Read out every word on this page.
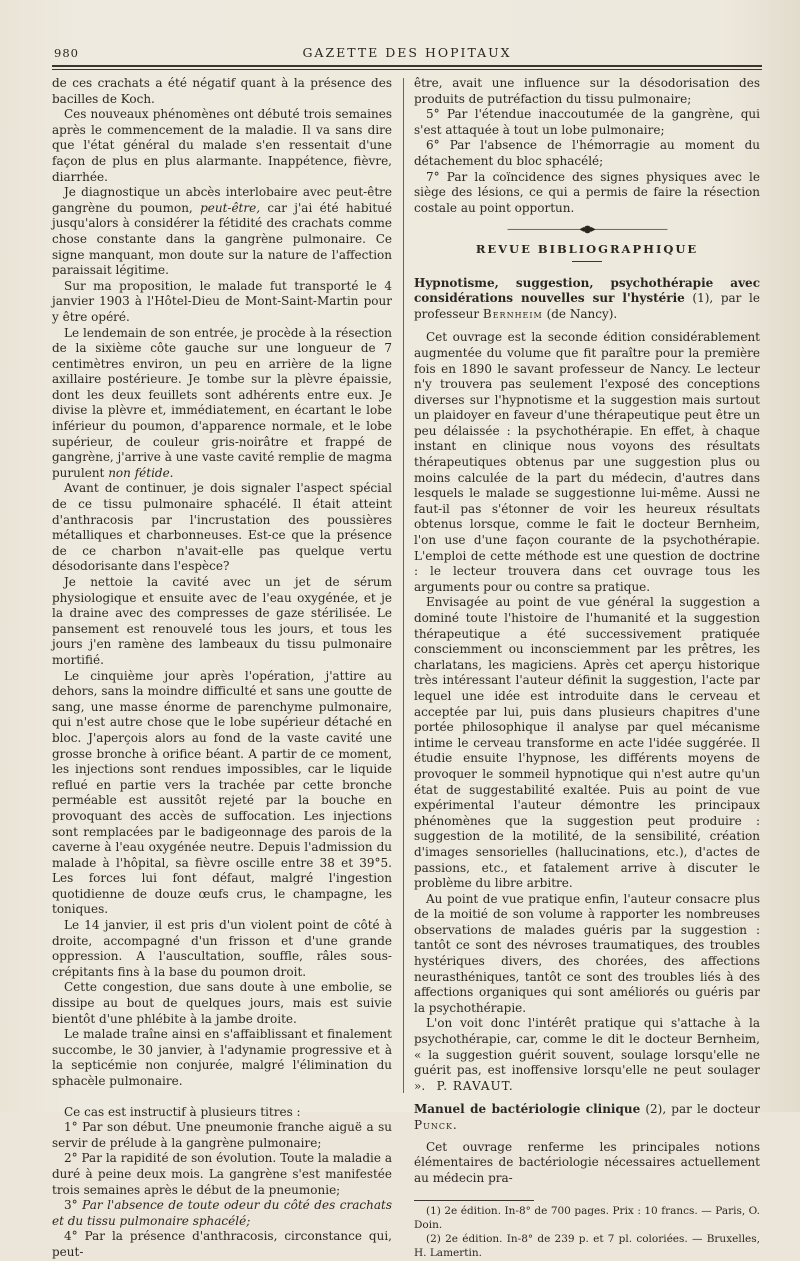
980	GAZETTE DES HOPITAUX

de ces crachats a été négatif quant à la présence des bacilles de Koch.

Ces nouveaux phénomènes ont débuté trois semaines après le commencement de la maladie. Il va sans dire que l'état général du malade s'en ressentait d'une façon de plus en plus alarmante. Inappétence, fièvre, diarrhée.

Je diagnostique un abcès interlobaire avec peut-être gangrène du poumon, peut-être, car j'ai été habitué jusqu'alors à considérer la fétidité des crachats comme chose constante dans la gangrène pulmonaire. Ce signe manquant, mon doute sur la nature de l'affection paraissait légitime.

Sur ma proposition, le malade fut transporté le 4 janvier 1903 à l'Hôtel-Dieu de Mont-Saint-Martin pour y être opéré.

Le lendemain de son entrée, je procède à la résection de la sixième côte gauche sur une longueur de 7 centimètres environ, un peu en arrière de la ligne axillaire postérieure. Je tombe sur la plèvre épaissie, dont les deux feuillets sont adhérents entre eux. Je divise la plèvre et, immédiatement, en écartant le lobe inférieur du poumon, d'apparence normale, et le lobe supérieur, de couleur gris-noirâtre et frappé de gangrène, j'arrive à une vaste cavité remplie de magma purulent non fétide.

Avant de continuer, je dois signaler l'aspect spécial de ce tissu pulmonaire sphacélé. Il était atteint d'anthracosis par l'incrustation des poussières métalliques et charbonneuses. Est-ce que la présence de ce charbon n'avait-elle pas quelque vertu désodorisante dans l'espèce?

Je nettoie la cavité avec un jet de sérum physiologique et ensuite avec de l'eau oxygénée, et je la draine avec des compresses de gaze stérilisée. Le pansement est renouvelé tous les jours, et tous les jours j'en ramène des lambeaux du tissu pulmonaire mortifié.

Le cinquième jour après l'opération, j'attire au dehors, sans la moindre difficulté et sans une goutte de sang, une masse énorme de parenchyme pulmonaire, qui n'est autre chose que le lobe supérieur détaché en bloc. J'aperçois alors au fond de la vaste cavité une grosse bronche à orifice béant. A partir de ce moment, les injections sont rendues impossibles, car le liquide reflué en partie vers la trachée par cette bronche perméable est aussitôt rejeté par la bouche en provoquant des accès de suffocation. Les injections sont remplacées par le badigeonnage des parois de la caverne à l'eau oxygénée neutre. Depuis l'admission du malade à l'hôpital, sa fièvre oscille entre 38 et 39°5. Les forces lui font défaut, malgré l'ingestion quotidienne de douze œufs crus, le champagne, les toniques.

Le 14 janvier, il est pris d'un violent point de côté à droite, accompagné d'un frisson et d'une grande oppression. A l'auscultation, souffle, râles sous-crépitants fins à la base du poumon droit.

Cette congestion, due sans doute à une embolie, se dissipe au bout de quelques jours, mais est suivie bientôt d'une phlébite à la jambe droite.

Le malade traîne ainsi en s'affaiblissant et finalement succombe, le 30 janvier, à l'adynamie progressive et à la septicémie non conjurée, malgré l'élimination du sphacèle pulmonaire.

Ce cas est instructif à plusieurs titres :

1° Par son début. Une pneumonie franche aiguë a su servir de prélude à la gangrène pulmonaire;

2° Par la rapidité de son évolution. Toute la maladie a duré à peine deux mois. La gangrène s'est manifestée trois semaines après le début de la pneumonie;

3° Par l'absence de toute odeur du côté des crachats et du tissu pulmonaire sphacélé;

4° Par la présence d'anthracosis, circonstance qui, peut-

être, avait une influence sur la désodorisation des produits de putréfaction du tissu pulmonaire;

5° Par l'étendue inaccoutumée de la gangrène, qui s'est attaquée à tout un lobe pulmonaire;

6° Par l'absence de l'hémorragie au moment du détachement du bloc sphacélé;

7° Par la coïncidence des signes physiques avec le siège des lésions, ce qui a permis de faire la résection costale au point opportun.

————————◂●▸————————
REVUE BIBLIOGRAPHIQUE

Hypnotisme, suggestion, psychothérapie avec considérations nouvelles sur l'hystérie (1), par le professeur Bernheim (de Nancy).

Cet ouvrage est la seconde édition considérablement augmentée du volume que fit paraître pour la première fois en 1890 le savant professeur de Nancy. Le lecteur n'y trouvera pas seulement l'exposé des conceptions diverses sur l'hypnotisme et la suggestion mais surtout un plaidoyer en faveur d'une thérapeutique peut être un peu délaissée : la psychothérapie. En effet, à chaque instant en clinique nous voyons des résultats thérapeutiques obtenus par une suggestion plus ou moins calculée de la part du médecin, d'autres dans lesquels le malade se suggestionne lui-même. Aussi ne faut-il pas s'étonner de voir les heureux résultats obtenus lorsque, comme le fait le docteur Bernheim, l'on use d'une façon courante de la psychothérapie. L'emploi de cette méthode est une question de doctrine : le lecteur trouvera dans cet ouvrage tous les arguments pour ou contre sa pratique.

Envisagée au point de vue général la suggestion a dominé toute l'histoire de l'humanité et la suggestion thérapeutique a été successivement pratiquée consciemment ou inconsciemment par les prêtres, les charlatans, les magiciens. Après cet aperçu historique très intéressant l'auteur définit la suggestion, l'acte par lequel une idée est introduite dans le cerveau et acceptée par lui, puis dans plusieurs chapitres d'une portée philosophique il analyse par quel mécanisme intime le cerveau transforme en acte l'idée suggérée. Il étudie ensuite l'hypnose, les différents moyens de provoquer le sommeil hypnotique qui n'est autre qu'un état de suggestabilité exaltée. Puis au point de vue expérimental l'auteur démontre les principaux phénomènes que la suggestion peut produire : suggestion de la motilité, de la sensibilité, création d'images sensorielles (hallucinations, etc.), d'actes de passions, etc., et fatalement arrive à discuter le problème du libre arbitre.

Au point de vue pratique enfin, l'auteur consacre plus de la moitié de son volume à rapporter les nombreuses observations de malades guéris par la suggestion : tantôt ce sont des névroses traumatiques, des troubles hystériques divers, des chorées, des affections neurasthéniques, tantôt ce sont des troubles liés à des affections organiques qui sont améliorés ou guéris par la psychothérapie.

L'on voit donc l'intérêt pratique qui s'attache à la psychothérapie, car, comme le dit le docteur Bernheim, « la suggestion guérit souvent, soulage lorsqu'elle ne guérit pas, est inoffensive lorsqu'elle ne peut soulager ». P. RAVAUT.

Manuel de bactériologie clinique (2), par le docteur Punck.

Cet ouvrage renferme les principales notions élémentaires de bactériologie nécessaires actuellement au médecin pra-

(1) 2e édition. In-8° de 700 pages. Prix : 10 francs. — Paris, O. Doin.

(2) 2e édition. In-8° de 239 p. et 7 pl. coloriées. — Bruxelles, H. Lamertin.
